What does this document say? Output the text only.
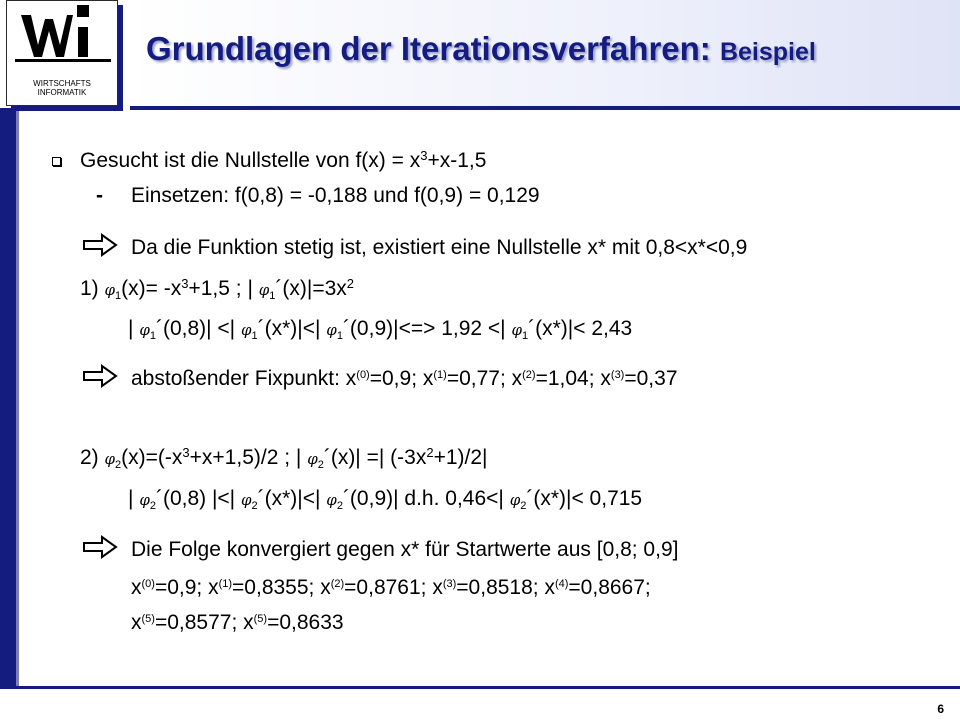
WIRTSCHAFTS
INFORMATIK
Grundlagen der Iterationsverfahren: Beispiel
Gesucht ist die Nullstelle von $f(x) = x^3+x-1,5$
- Einsetzen: f(0,8) = -0,188 und f(0,9) = 0,129
Da die Funktion stetig ist, existiert eine Nullstelle x* mit 0,8<x*<0,9
1) $\varphi 1(x)= -x^3+1,5$ ; | $\varphi 1´(x)|=3x^2$
| φ1´(0,8)| <| φ1´(x*)|<| φ1´(0,9)|<=> 1,92 <| φ1´(x*)|< 2,43
abstoßender Fixpunkt: $x^{(0)}=0,9$; $x^{(1)}=0,77$; $x^{(2)}=1,04$; $x^{(3)}=0,37$
2) $\varphi 2(x)=(-x^3+x+1,5)/2$ ; | φ2´(x)| =| $(-3x^2+1)/2|$
| φ2´(0,8) |<| φ2´(x*)|<| φ2´(0,9)| d.h. 0,46<| φ2´(x*)|< 0,715
Die Folge konvergiert gegen x* für Startwerte aus [0,8; 0,9]
$x^{(0)}=0,9$; $x^{(1)}=0,8355$; $x^{(2)}=0,8761$; $x^{(3)}=0,8518$; $x^{(4)}=0,8667$;
$x^{(5)}=0,8577$; $x^{(5)}=0,8633$
6
